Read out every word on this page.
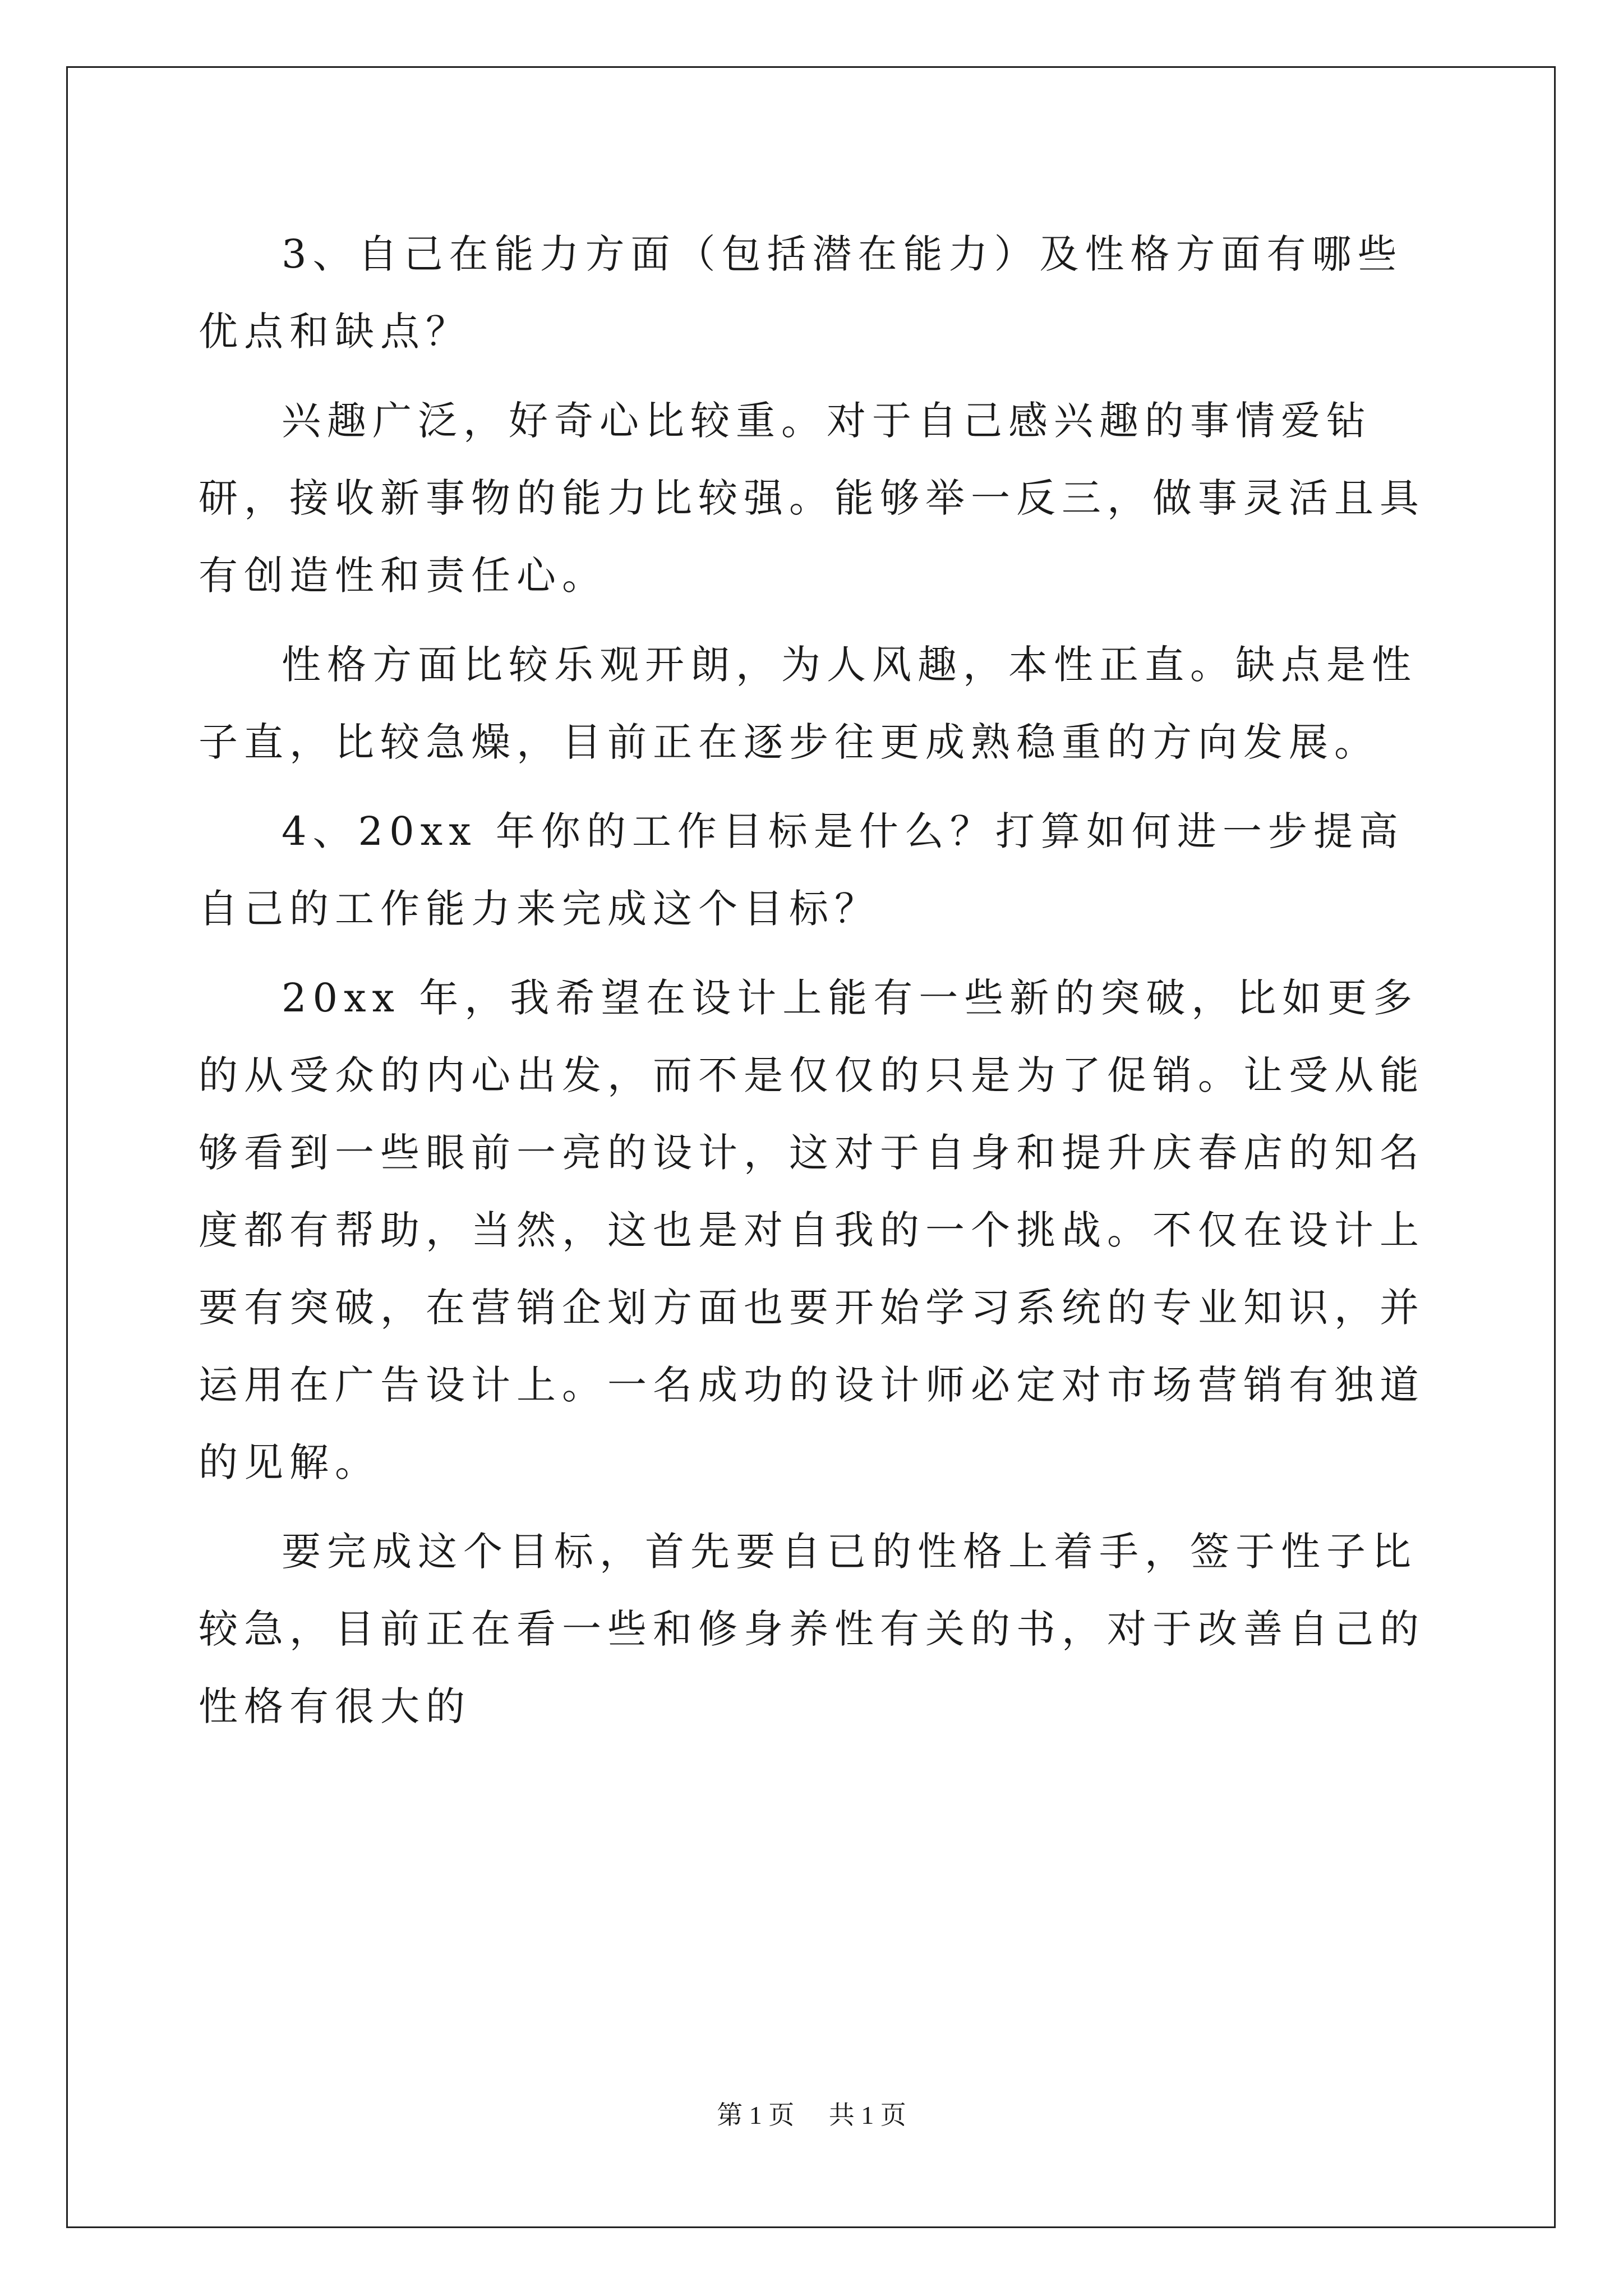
3、自己在能力方面（包括潜在能力）及性格方面有哪些优点和缺点？

兴趣广泛，好奇心比较重。对于自己感兴趣的事情爱钻研，接收新事物的能力比较强。能够举一反三，做事灵活且具有创造性和责任心。

性格方面比较乐观开朗，为人风趣，本性正直。缺点是性子直，比较急燥，目前正在逐步往更成熟稳重的方向发展。

4、20xx 年你的工作目标是什么？打算如何进一步提高自己的工作能力来完成这个目标？

20xx 年，我希望在设计上能有一些新的突破，比如更多的从受众的内心出发，而不是仅仅的只是为了促销。让受从能够看到一些眼前一亮的设计，这对于自身和提升庆春店的知名度都有帮助，当然，这也是对自我的一个挑战。不仅在设计上要有突破，在营销企划方面也要开始学习系统的专业知识，并运用在广告设计上。一名成功的设计师必定对市场营销有独道的见解。

要完成这个目标，首先要自已的性格上着手，签于性子比较急，目前正在看一些和修身养性有关的书，对于改善自己的性格有很大的

第 1 页 共 1 页
